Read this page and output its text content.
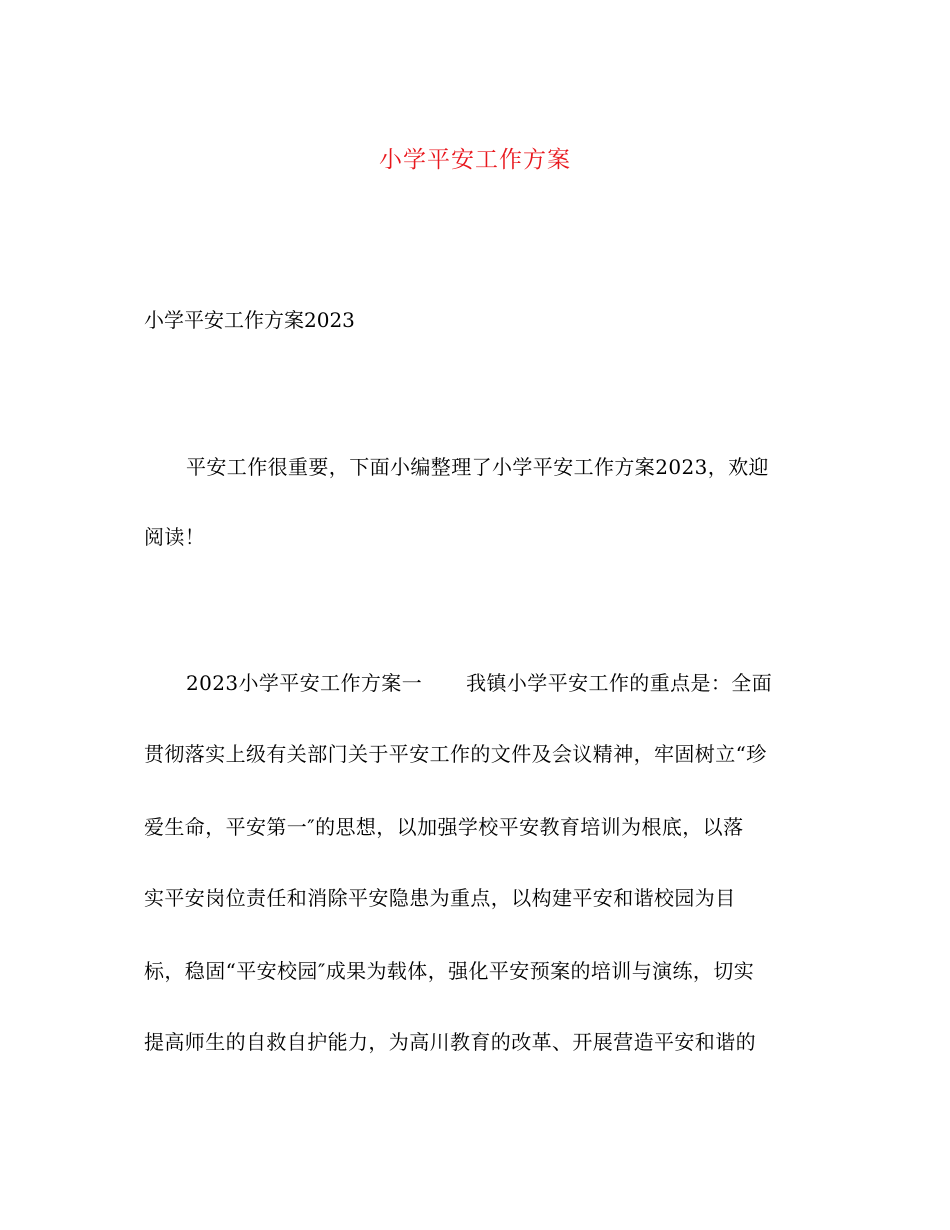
小学平安工作方案
小学平安工作方案2023
平安工作很重要，下面小编整理了小学平安工作方案2023，欢迎
阅读！
2023小学平安工作方案一 我镇小学平安工作的重点是：全面
贯彻落实上级有关部门关于平安工作的文件及会议精神，牢固树立“珍
爱生命，平安第一″的思想，以加强学校平安教育培训为根底，以落
实平安岗位责任和消除平安隐患为重点，以构建平安和谐校园为目
标，稳固“平安校园″成果为载体，强化平安预案的培训与演练，切实
提高师生的自救自护能力，为高川教育的改革、开展营造平安和谐的
